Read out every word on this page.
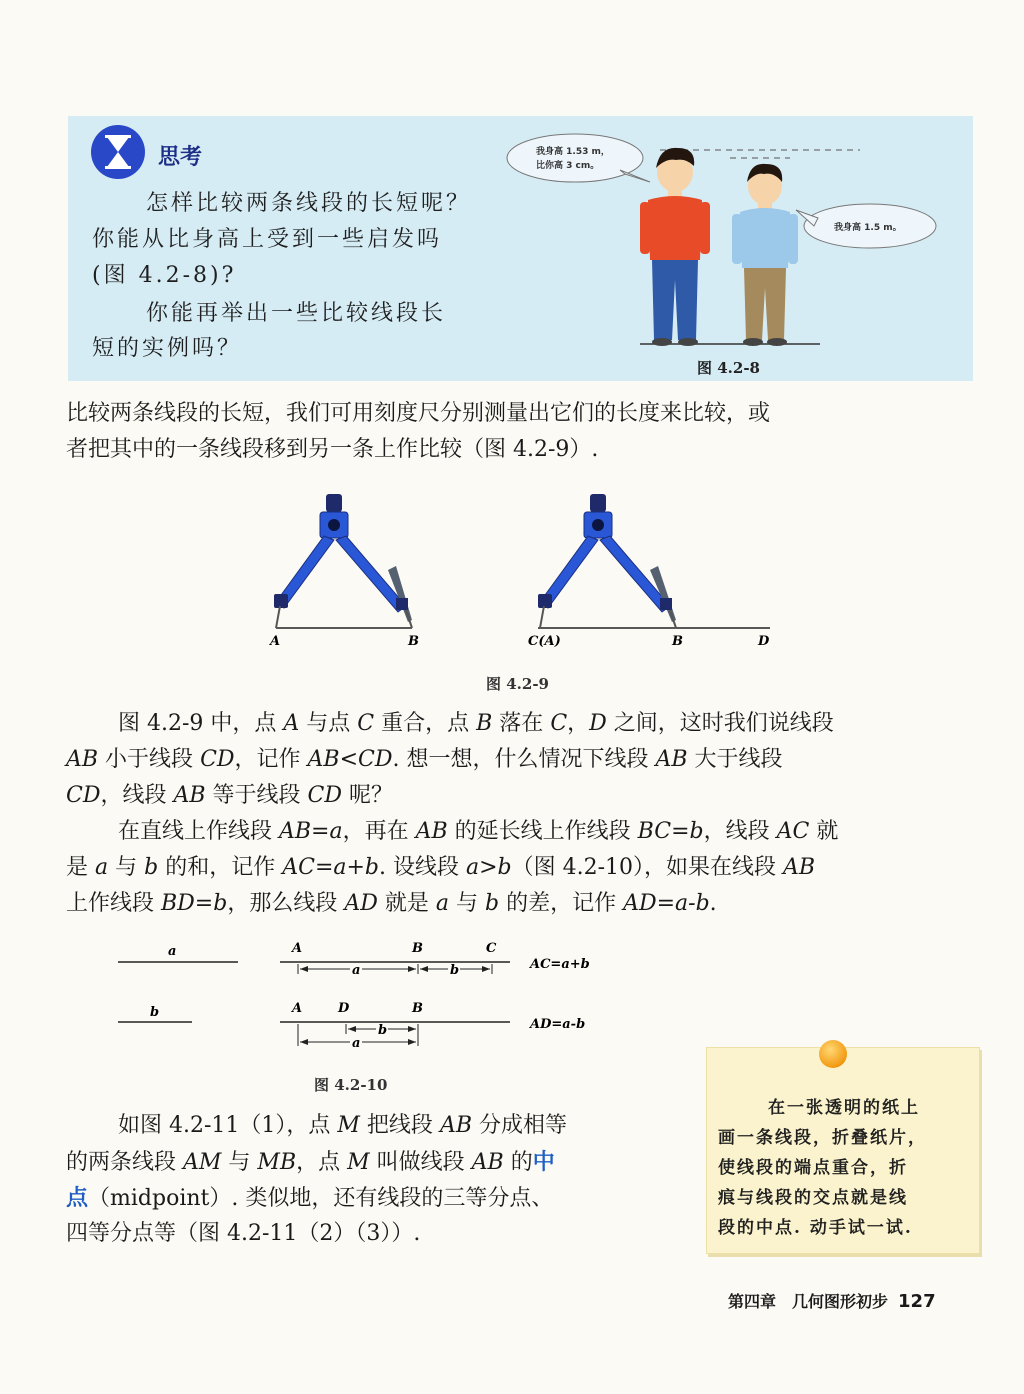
思考
怎样比较两条线段的长短呢？
你能从比身高上受到一些启发吗
(图 4.2-8)?
你能再举出一些比较线段长
短的实例吗？
我身高 1.53 m，
比你高 3 cm。
我身高 1.5 m。
图 4.2-8
比较两条线段的长短，我们可用刻度尺分别测量出它们的长度来比较，或
者把其中的一条线段移到另一条上作比较（图 4.2-9）.
A	B	C(A)	B	D
图 4.2-9
图 4.2-9 中，点 A 与点 C 重合，点 B 落在 C，D 之间，这时我们说线段
AB 小于线段 CD，记作 AB<CD. 想一想，什么情况下线段 AB 大于线段
CD，线段 AB 等于线段 CD 呢？
在直线上作线段 AB=a，再在 AB 的延长线上作线段 BC=b，线段 AC 就
是 a 与 b 的和，记作 AC=a+b. 设线段 a>b（图 4.2-10），如果在线段 AB
上作线段 BD=b，那么线段 AD 就是 a 与 b 的差，记作 AD=a-b.
a
b
A	B	C
a	b	AC=a+b
A	D	B
b
a
AD=a-b
图 4.2-10
如图 4.2-11（1），点 M 把线段 AB 分成相等
的两条线段 AM 与 MB，点 M 叫做线段 AB 的中
点（midpoint）. 类似地，还有线段的三等分点、
四等分点等（图 4.2-11（2）（3））.
在一张透明的纸上
画一条线段，折叠纸片，
使线段的端点重合，折
痕与线段的交点就是线
段的中点. 动手试一试.
第四章　几何图形初步 127
